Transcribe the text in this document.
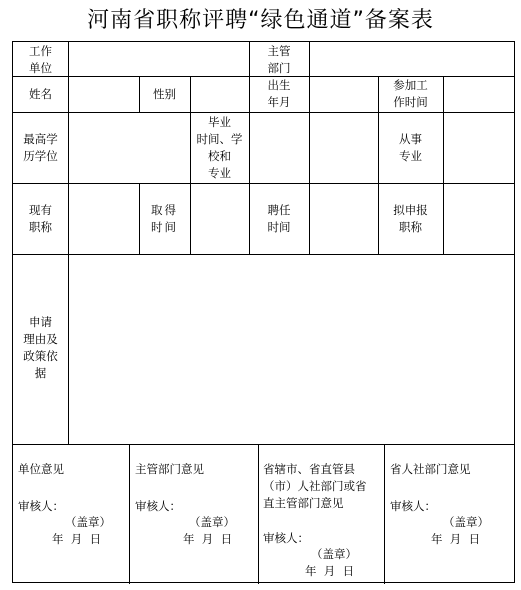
河南省职称评聘“绿色通道”备案表
工作
单位
主管
部门
姓名	性别
出生
年月
参加工
作时间
最高学
历学位
毕业
时间、学
校和
专业
从事
专业
现有
职称
取得
时间
聘任
时间
拟申报
职称
申请
理由及
政策依
据
单位意见
审核人：
（盖章）
年  月  日
主管部门意见
审核人：
（盖章）
年  月  日
省辖市、省直管县
（市）人社部门或省
直主管部门意见
审核人：
（盖章）
年  月  日
省人社部门意见
审核人：
（盖章）
年  月  日
